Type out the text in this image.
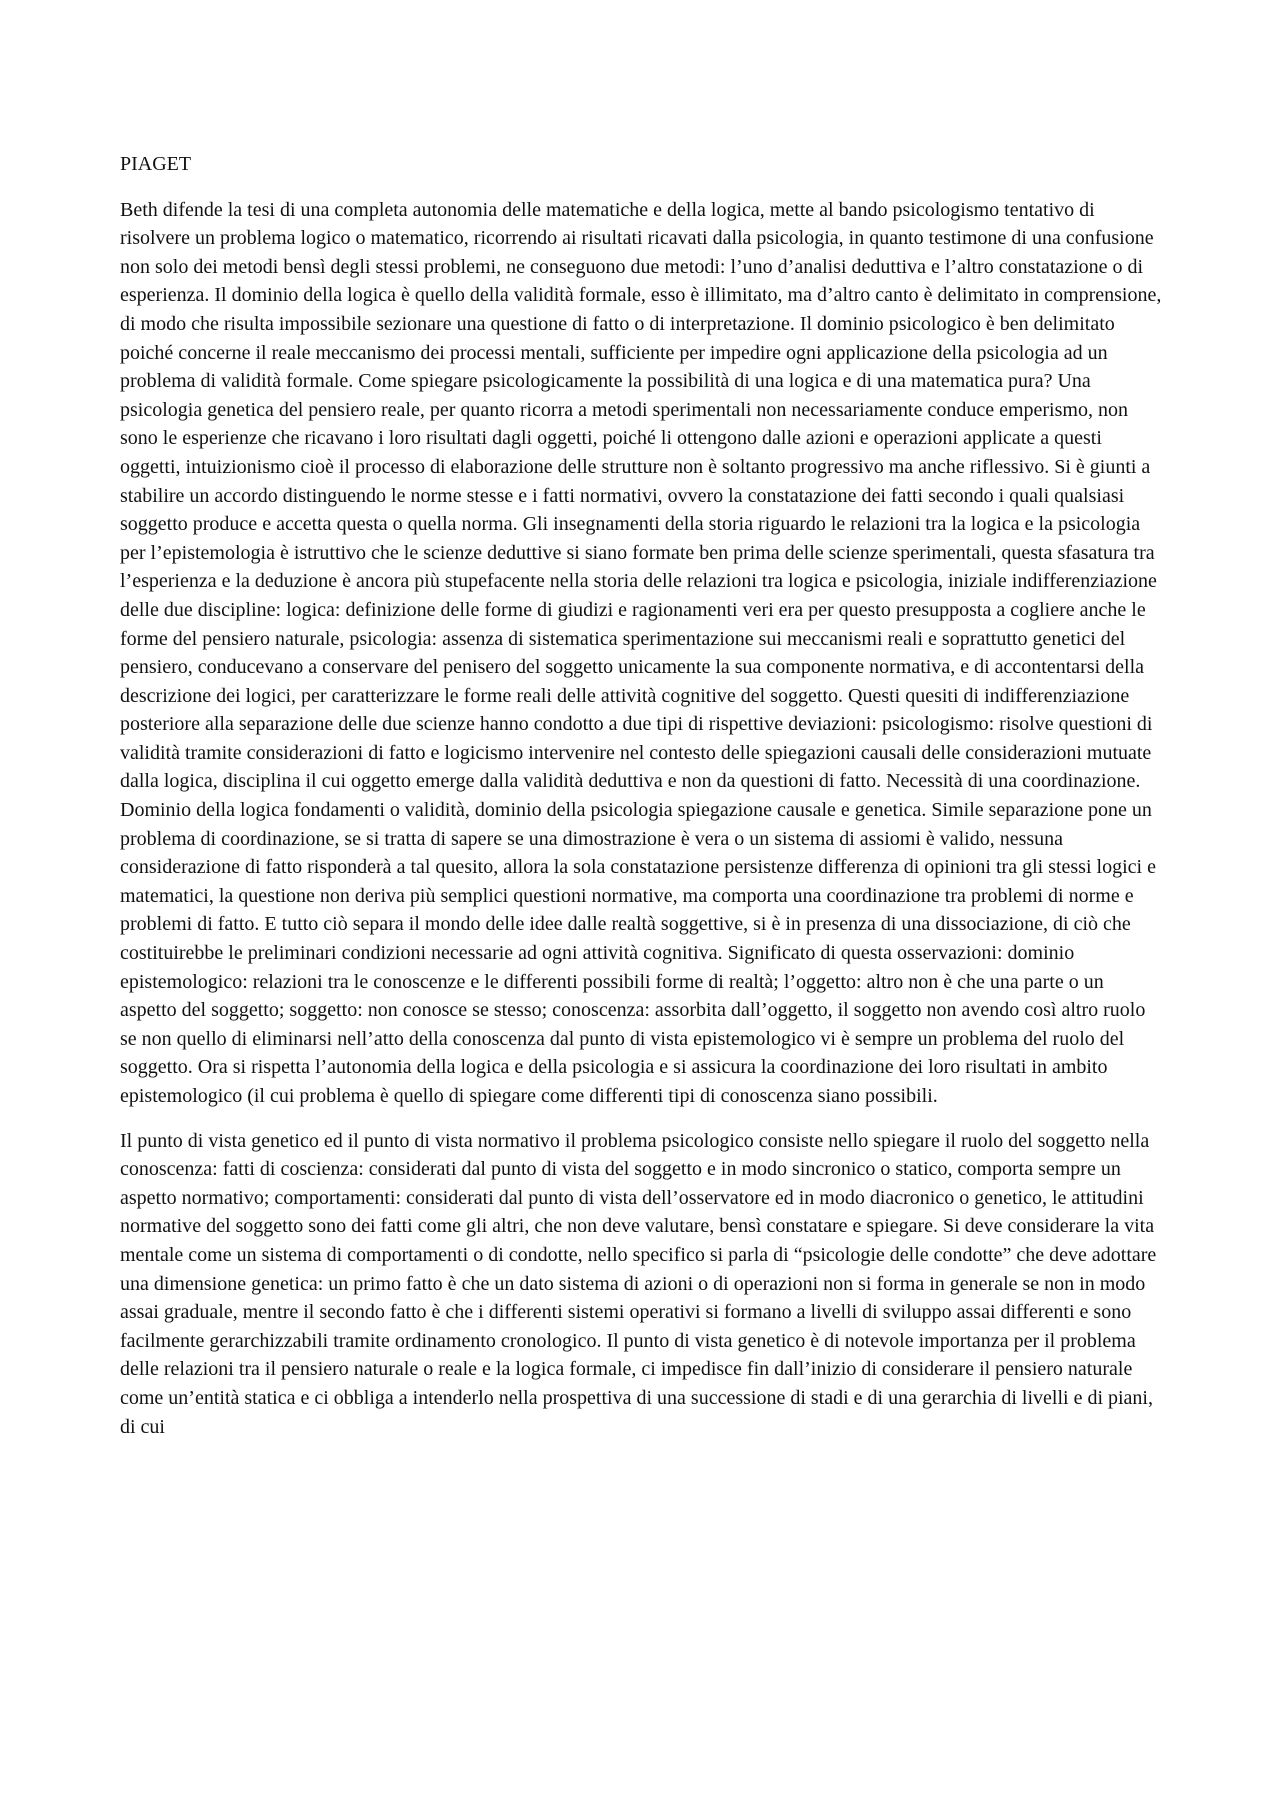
PIAGET

Beth difende la tesi di una completa autonomia delle matematiche e della logica, mette al bando psicologismo tentativo di risolvere un problema logico o matematico, ricorrendo ai risultati ricavati dalla psicologia, in quanto testimone di una confusione non solo dei metodi bensì degli stessi problemi, ne conseguono due metodi: l’uno d’analisi deduttiva e l’altro constatazione o di esperienza. Il dominio della logica è quello della validità formale, esso è illimitato, ma d’altro canto è delimitato in comprensione, di modo che risulta impossibile sezionare una questione di fatto o di interpretazione. Il dominio psicologico è ben delimitato poiché concerne il reale meccanismo dei processi mentali, sufficiente per impedire ogni applicazione della psicologia ad un problema di validità formale. Come spiegare psicologicamente la possibilità di una logica e di una matematica pura? Una psicologia genetica del pensiero reale, per quanto ricorra a metodi sperimentali non necessariamente conduce emperismo, non sono le esperienze che ricavano i loro risultati dagli oggetti, poiché li ottengono dalle azioni e operazioni applicate a questi oggetti, intuizionismo cioè il processo di elaborazione delle strutture non è soltanto progressivo ma anche riflessivo. Si è giunti a stabilire un accordo distinguendo le norme stesse e i fatti normativi, ovvero la constatazione dei fatti secondo i quali qualsiasi soggetto produce e accetta questa o quella norma. Gli insegnamenti della storia riguardo le relazioni tra la logica e la psicologia per l’epistemologia è istruttivo che le scienze deduttive si siano formate ben prima delle scienze sperimentali, questa sfasatura tra l’esperienza e la deduzione è ancora più stupefacente nella storia delle relazioni tra logica e psicologia, iniziale indifferenziazione delle due discipline: logica: definizione delle forme di giudizi e ragionamenti veri era per questo presupposta a cogliere anche le forme del pensiero naturale, psicologia: assenza di sistematica sperimentazione sui meccanismi reali e soprattutto genetici del pensiero, conducevano a conservare del penisero del soggetto unicamente la sua componente normativa, e di accontentarsi della descrizione dei logici, per caratterizzare le forme reali delle attività cognitive del soggetto. Questi quesiti di indifferenziazione posteriore alla separazione delle due scienze hanno condotto a due tipi di rispettive deviazioni: psicologismo: risolve questioni di validità tramite considerazioni di fatto e logicismo intervenire nel contesto delle spiegazioni causali delle considerazioni mutuate dalla logica, disciplina il cui oggetto emerge dalla validità deduttiva e non da questioni di fatto. Necessità di una coordinazione. Dominio della logica fondamenti o validità, dominio della psicologia spiegazione causale e genetica. Simile separazione pone un problema di coordinazione, se si tratta di sapere se una dimostrazione è vera o un sistema di assiomi è valido, nessuna considerazione di fatto risponderà a tal quesito, allora la sola constatazione persistenze differenza di opinioni tra gli stessi logici e matematici, la questione non deriva più semplici questioni normative, ma comporta una coordinazione tra problemi di norme e problemi di fatto. E tutto ciò separa il mondo delle idee dalle realtà soggettive, si è in presenza di una dissociazione, di ciò che costituirebbe le preliminari condizioni necessarie ad ogni attività cognitiva. Significato di questa osservazioni: dominio epistemologico: relazioni tra le conoscenze e le differenti possibili forme di realtà; l’oggetto: altro non è che una parte o un aspetto del soggetto; soggetto: non conosce se stesso; conoscenza: assorbita dall’oggetto, il soggetto non avendo così altro ruolo se non quello di eliminarsi nell’atto della conoscenza dal punto di vista epistemologico vi è sempre un problema del ruolo del soggetto. Ora si rispetta l’autonomia della logica e della psicologia e si assicura la coordinazione dei loro risultati in ambito epistemologico (il cui problema è quello di spiegare come differenti tipi di conoscenza siano possibili.

Il punto di vista genetico ed il punto di vista normativo il problema psicologico consiste nello spiegare il ruolo del soggetto nella conoscenza: fatti di coscienza: considerati dal punto di vista del soggetto e in modo sincronico o statico, comporta sempre un aspetto normativo; comportamenti: considerati dal punto di vista dell’osservatore ed in modo diacronico o genetico, le attitudini normative del soggetto sono dei fatti come gli altri, che non deve valutare, bensì constatare e spiegare. Si deve considerare la vita mentale come un sistema di comportamenti o di condotte, nello specifico si parla di “psicologie delle condotte” che deve adottare una dimensione genetica: un primo fatto è che un dato sistema di azioni o di operazioni non si forma in generale se non in modo assai graduale, mentre il secondo fatto è che i differenti sistemi operativi si formano a livelli di sviluppo assai differenti e sono facilmente gerarchizzabili tramite ordinamento cronologico. Il punto di vista genetico è di notevole importanza per il problema delle relazioni tra il pensiero naturale o reale e la logica formale, ci impedisce fin dall’inizio di considerare il pensiero naturale come un’entità statica e ci obbliga a intenderlo nella prospettiva di una successione di stadi e di una gerarchia di livelli e di piani, di cui
